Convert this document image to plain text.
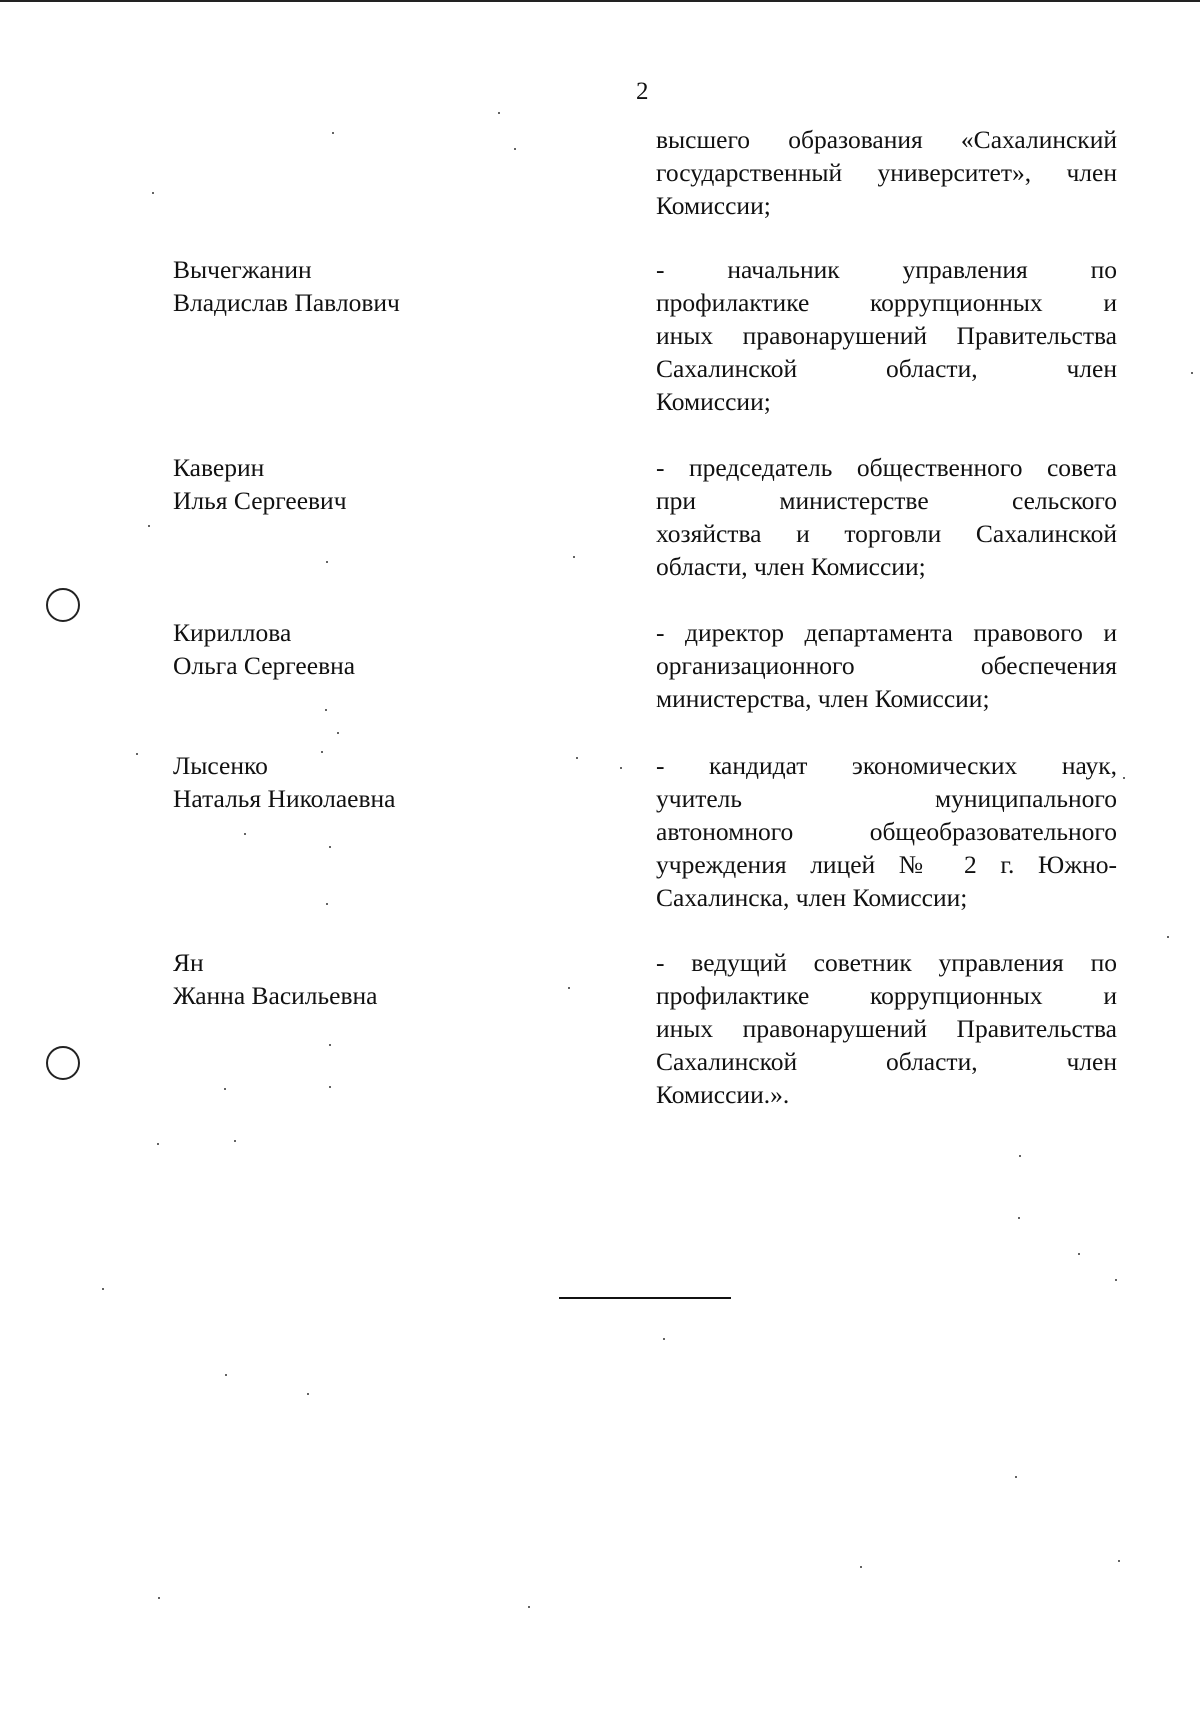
2
высшего образования «Сахалинский
государственный университет», член
Комиссии;
Вычегжанин
Владислав Павлович
- начальник управления по
профилактике коррупционных и
иных правонарушений Правительства
Сахалинской области, член
Комиссии;
Каверин
Илья Сергеевич
- председатель общественного совета
при министерстве сельского
хозяйства и торговли Сахалинской
области, член Комиссии;
Кириллова
Ольга Сергеевна
- директор департамента правового и
организационного обеспечения
министерства, член Комиссии;
Лысенко
Наталья Николаевна
- кандидат экономических наук,
учитель муниципального
автономного общеобразовательного
учреждения лицей № 2 г. Южно-
Сахалинска, член Комиссии;
Ян
Жанна Васильевна
- ведущий советник управления по
профилактике коррупционных и
иных правонарушений Правительства
Сахалинской области, член
Комиссии.».
